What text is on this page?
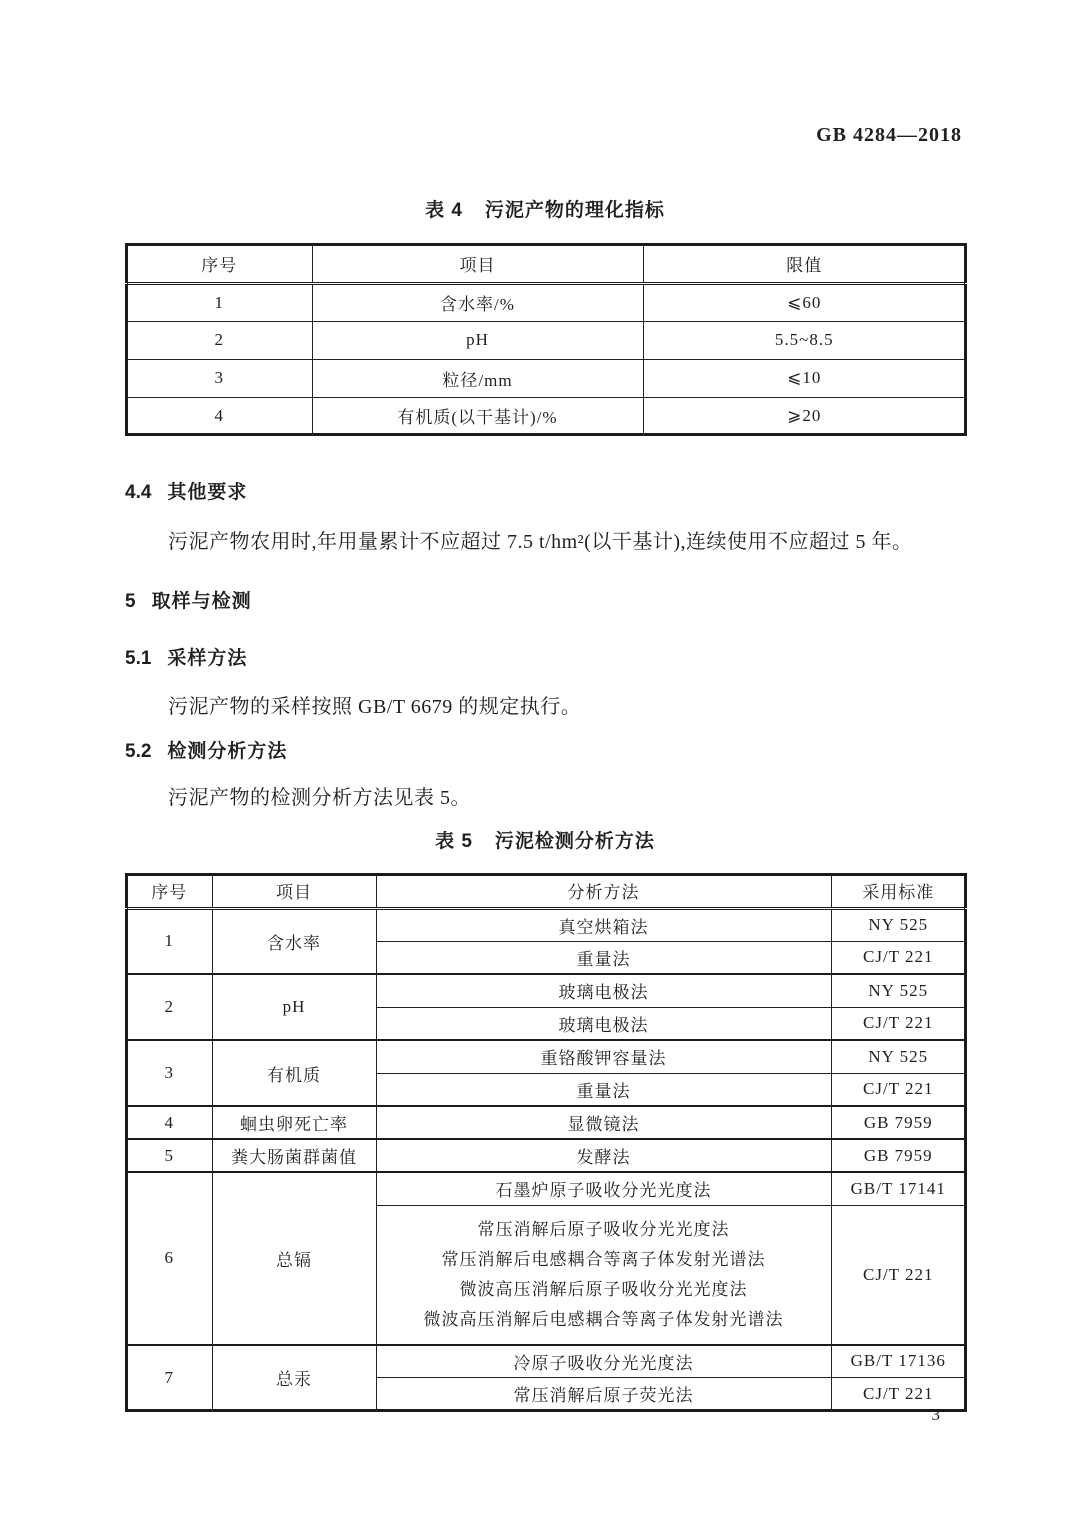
GB 4284—2018
表 4 污泥产物的理化指标
序号	项目	限值
1	含水率/%	⩽60
2	pH	5.5~8.5
3	粒径/mm	⩽10
4	有机质(以干基计)/%	⩾20
4.4 其他要求
污泥产物农用时,年用量累计不应超过 7.5 t/hm²(以干基计),连续使用不应超过 5 年。
5 取样与检测
5.1 采样方法
污泥产物的采样按照 GB/T 6679 的规定执行。
5.2 检测分析方法
污泥产物的检测分析方法见表 5。
表 5 污泥检测分析方法
序号	项目	分析方法	采用标准
1	含水率	真空烘箱法	NY 525
		重量法	CJ/T 221
2	pH	玻璃电极法	NY 525
		玻璃电极法	CJ/T 221
3	有机质	重铬酸钾容量法	NY 525
		重量法	CJ/T 221
4	蛔虫卵死亡率	显微镜法	GB 7959
5	粪大肠菌群菌值	发酵法	GB 7959
6	总镉	石墨炉原子吸收分光光度法	GB/T 17141

		常压消解后原子吸收分光光度法
常压消解后电感耦合等离子体发射光谱法
微波高压消解后原子吸收分光光度法
微波高压消解后电感耦合等离子体发射光谱法	CJ/T 221
7	总汞	冷原子吸收分光光度法	GB/T 17136
		常压消解后原子荧光法	CJ/T 221
3
